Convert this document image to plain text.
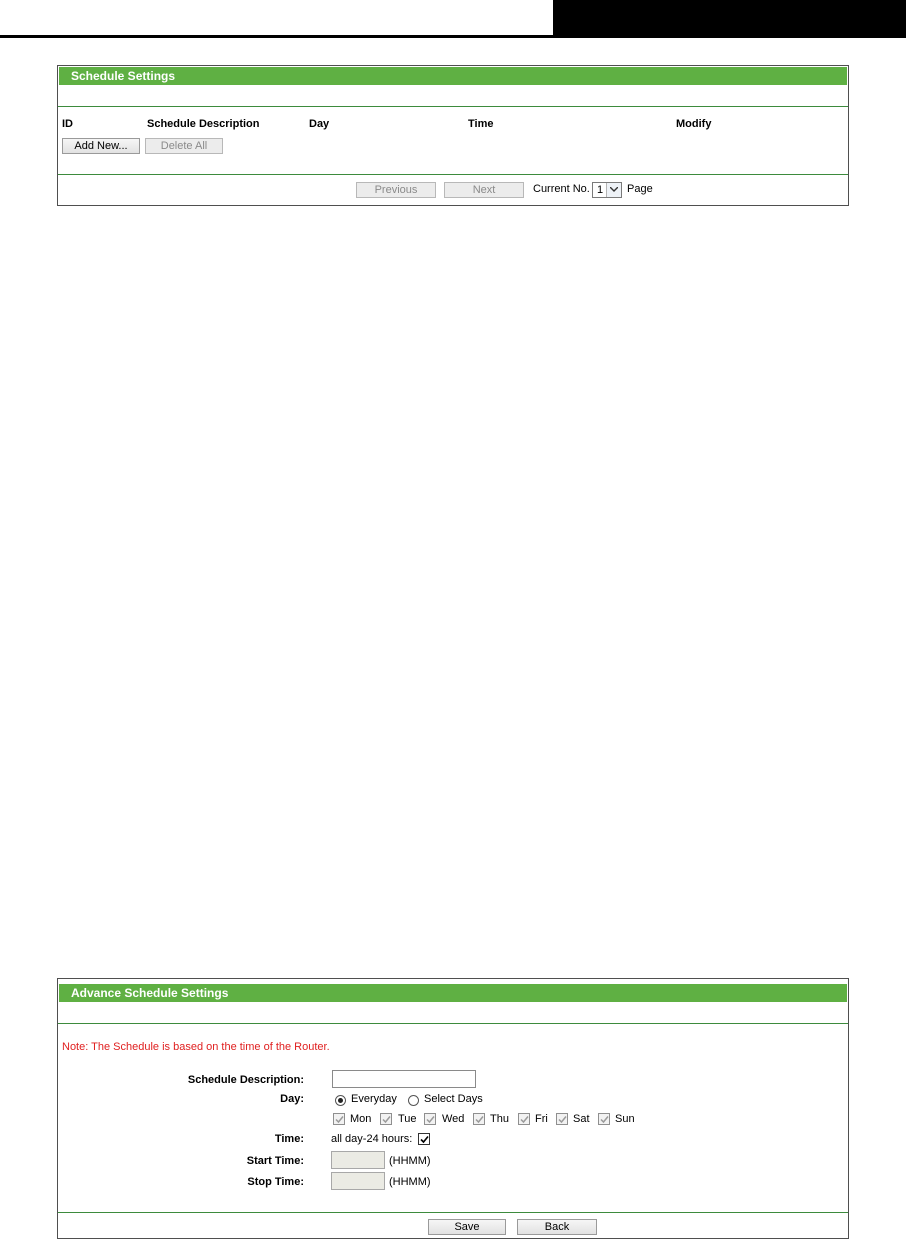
Schedule Settings
ID	Schedule Description	Day	Time	Modify
Add New...	Delete All
Previous	Next	Current No. 1 Page
Advance Schedule Settings
Note: The Schedule is based on the time of the Router.
Schedule Description:
Day:	Everyday Select Days
Mon Tue Wed Thu Fri Sat Sun
Time: all day-24 hours:
Start Time:	(HHMM)
Stop Time:	(HHMM)
Save	Back
